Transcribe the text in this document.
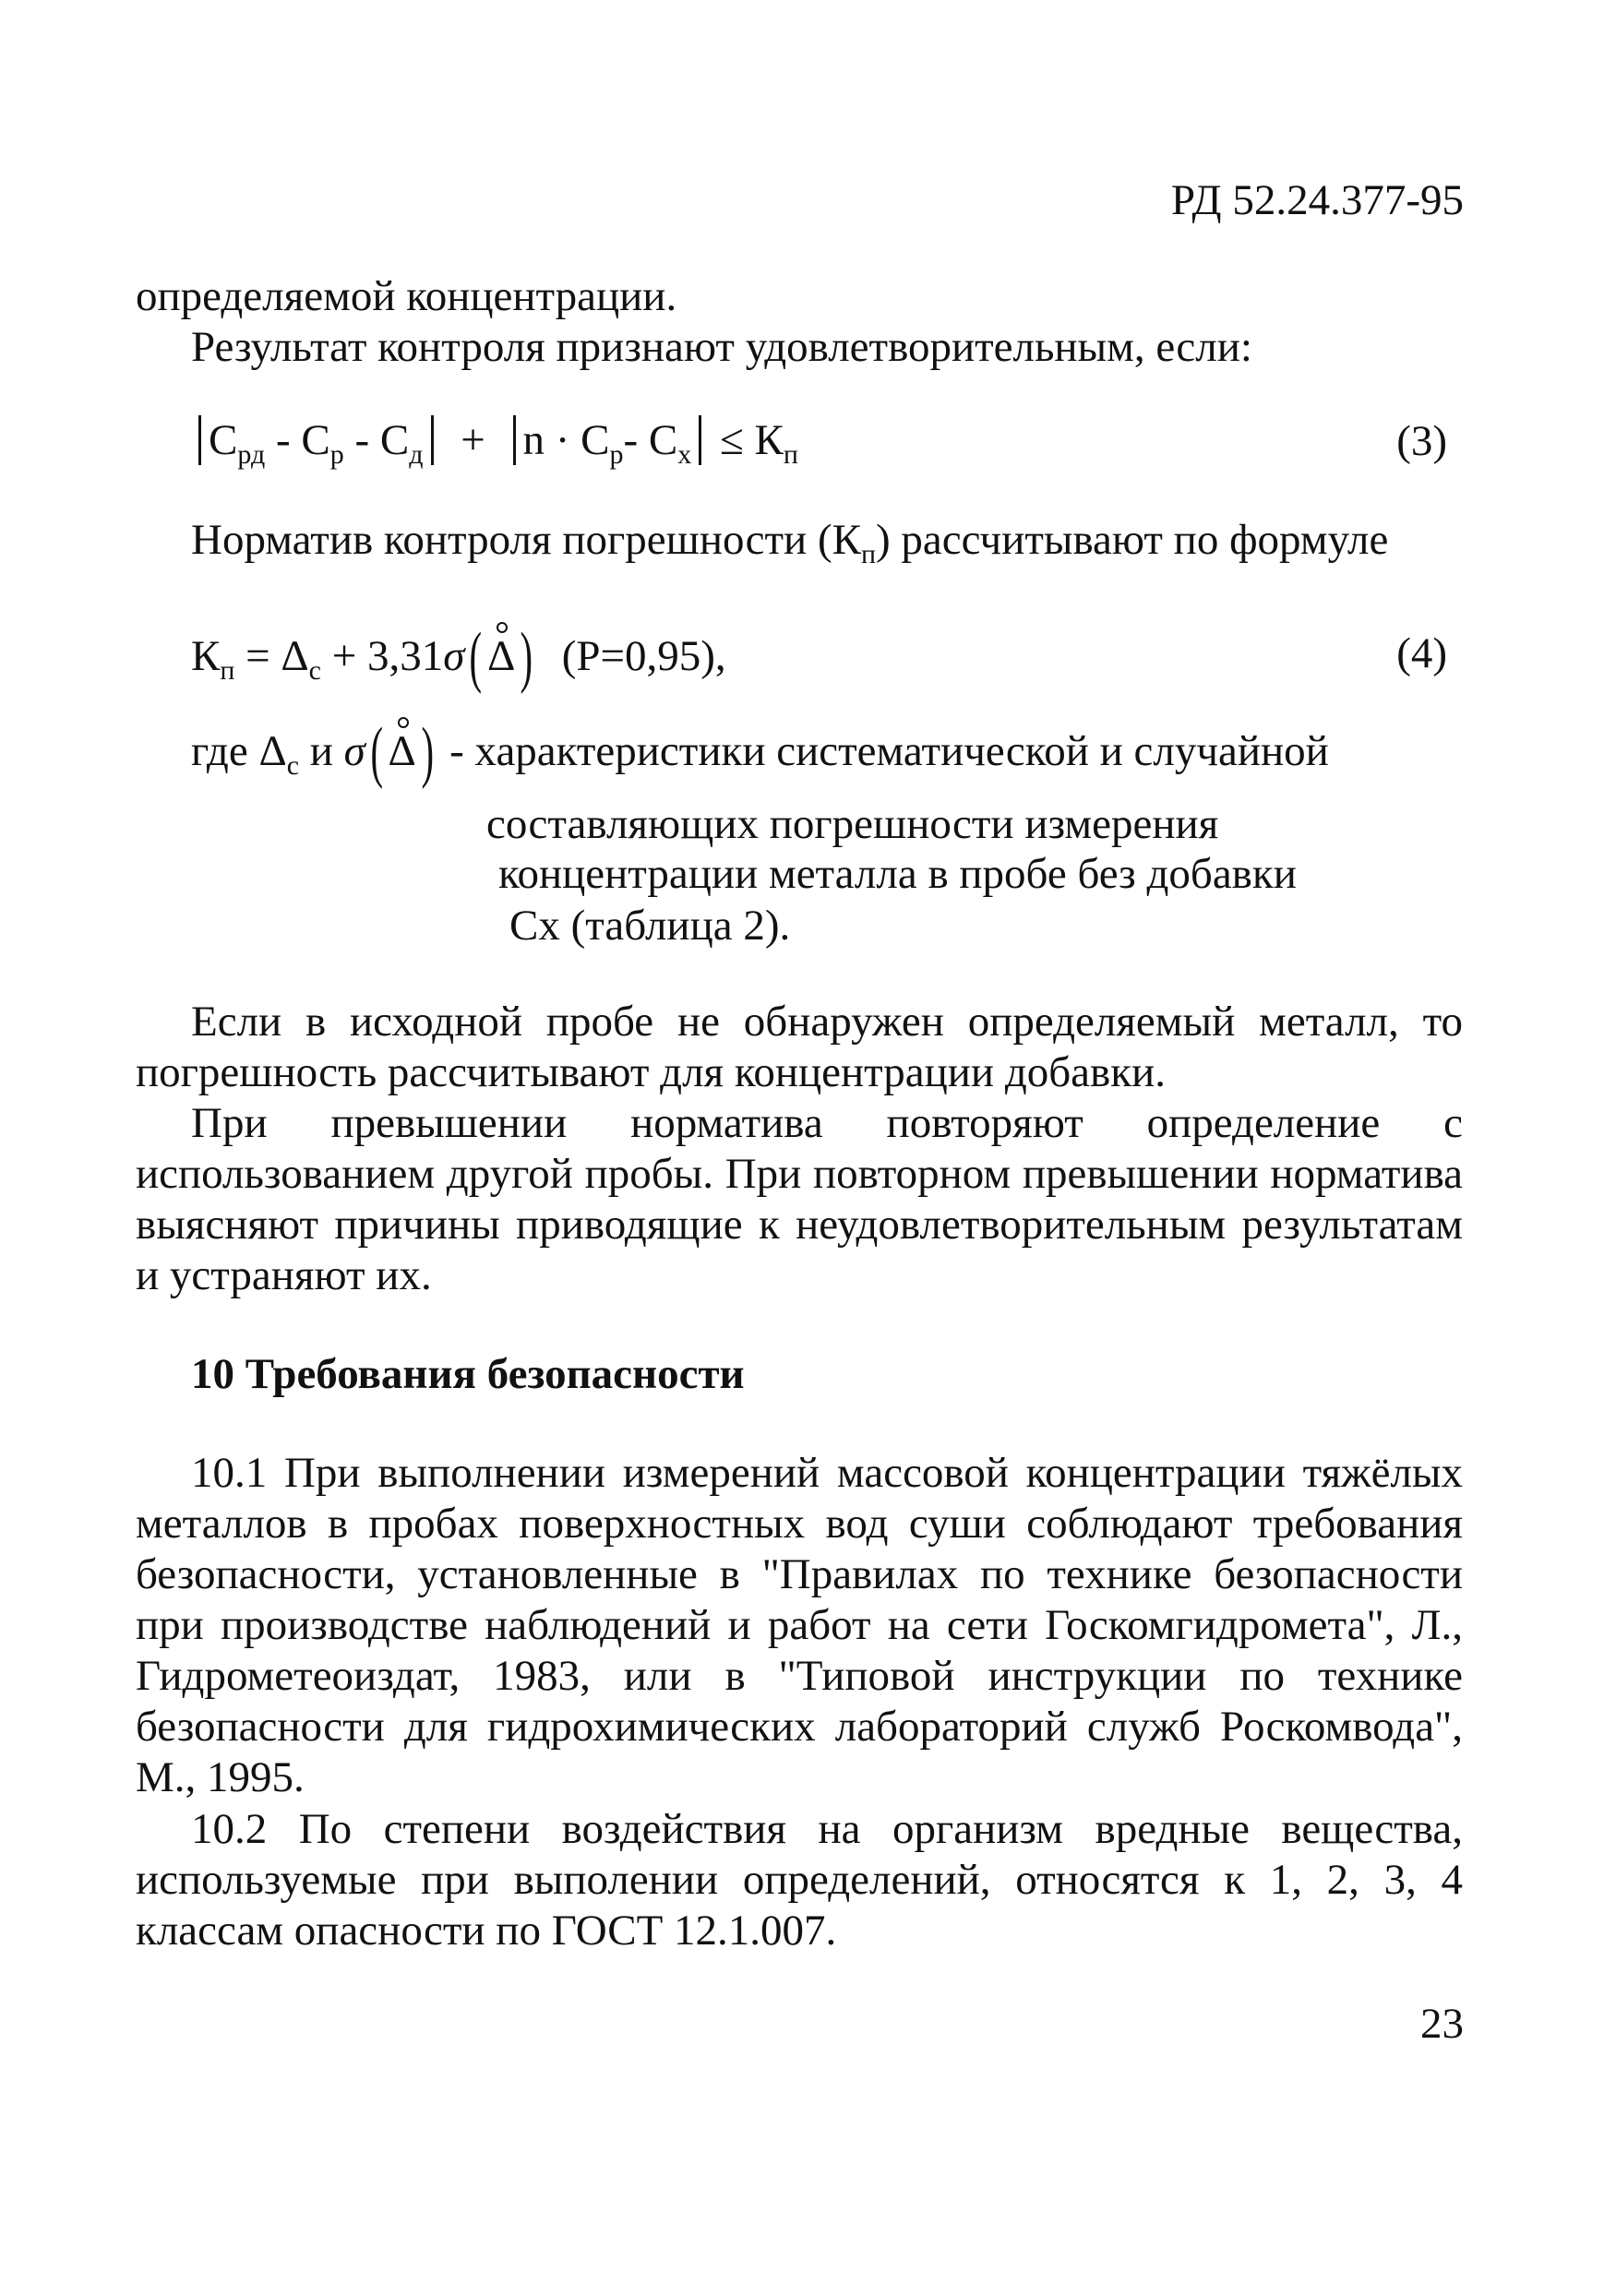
РД 52.24.377-95
определяемой концентрации.
Результат контроля признают удовлетворительным, если:
$С_{рд} - С_р - С_д + n \cdot С_р-$ $С_х \le К_п$	(3)
Норматив контроля погрешности $(К_п)$ рассчитывают по формуле
$К_п = \Delta_с + 3,31\sigma$( Δ) (P=0,95),	(4)
где $\Delta_с$ и σ( Δ) - характеристики систематической и случайной
составляющих погрешности измерения
концентрации металла в пробе без добавки
Сх (таблица 2).
Если в исходной пробе не обнаружен определяемый металл, то
погрешность рассчитывают для концентрации добавки.
При превышении норматива повторяют определение с
использованием другой пробы. При повторном превышении норматива
выясняют причины приводящие к неудовлетворительным результатам
и устраняют их.
10 Требования безопасности
10.1 При выполнении измерений массовой концентрации тяжёлых
металлов в пробах поверхностных вод суши соблюдают требования
безопасности, установленные в "Правилах по технике безопасности
при производстве наблюдений и работ на сети Госкомгидромета", Л.,
Гидрометеоиздат, 1983, или в "Типовой инструкции по технике
безопасности для гидрохимических лабораторий служб Роскомвода",
М., 1995.
10.2 По степени воздействия на организм вредные вещества,
используемые при выполении определений, относятся к 1, 2, 3, 4
классам опасности по ГОСТ 12.1.007.
23
